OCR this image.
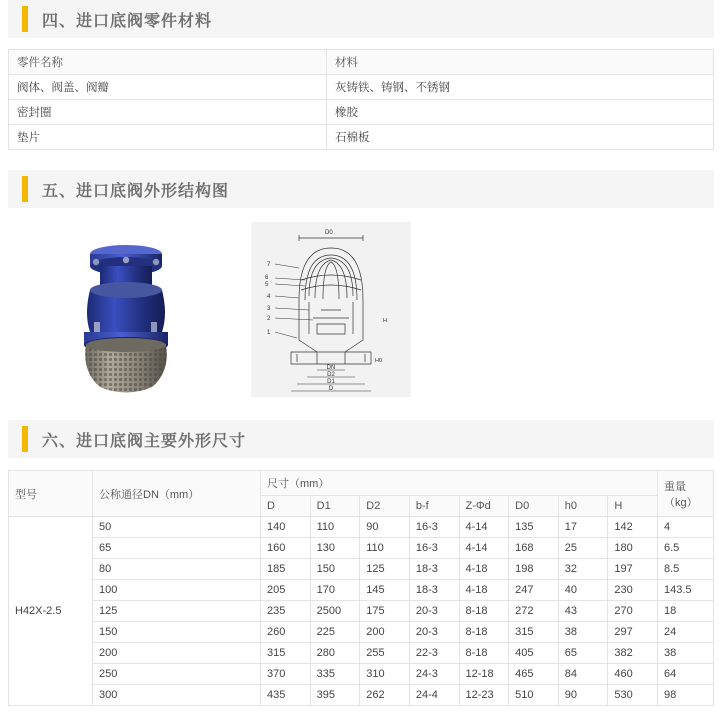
四、进口底阀零件材料
零件名称	材料
阀体、阀盖、阀瓣	灰铸铁、铸钢、不锈钢
密封圈	橡胶
垫片	石棉板
五、进口底阀外形结构图
D0
7
6
5
4
3
2
1
DN
D2
D1
D
H0
H
六、进口底阀主要外形尺寸
型号	公称通径DN（mm）	尺寸（mm）								重量（kg）
		D	D1	D2	b-f	Z-Φd	D0	h0	H	
H42X-2.5	50	140	110	90	16-3	4-14	135	17	142	4
	65	160	130	110	16-3	4-14	168	25	180	6.5
	80	185	150	125	18-3	4-18	198	32	197	8.5
	100	205	170	145	18-3	4-18	247	40	230	143.5
	125	235	2500	175	20-3	8-18	272	43	270	18
	150	260	225	200	20-3	8-18	315	38	297	24
	200	315	280	255	22-3	8-18	405	65	382	38
	250	370	335	310	24-3	12-18	465	84	460	64
	300	435	395	262	24-4	12-23	510	90	530	98
